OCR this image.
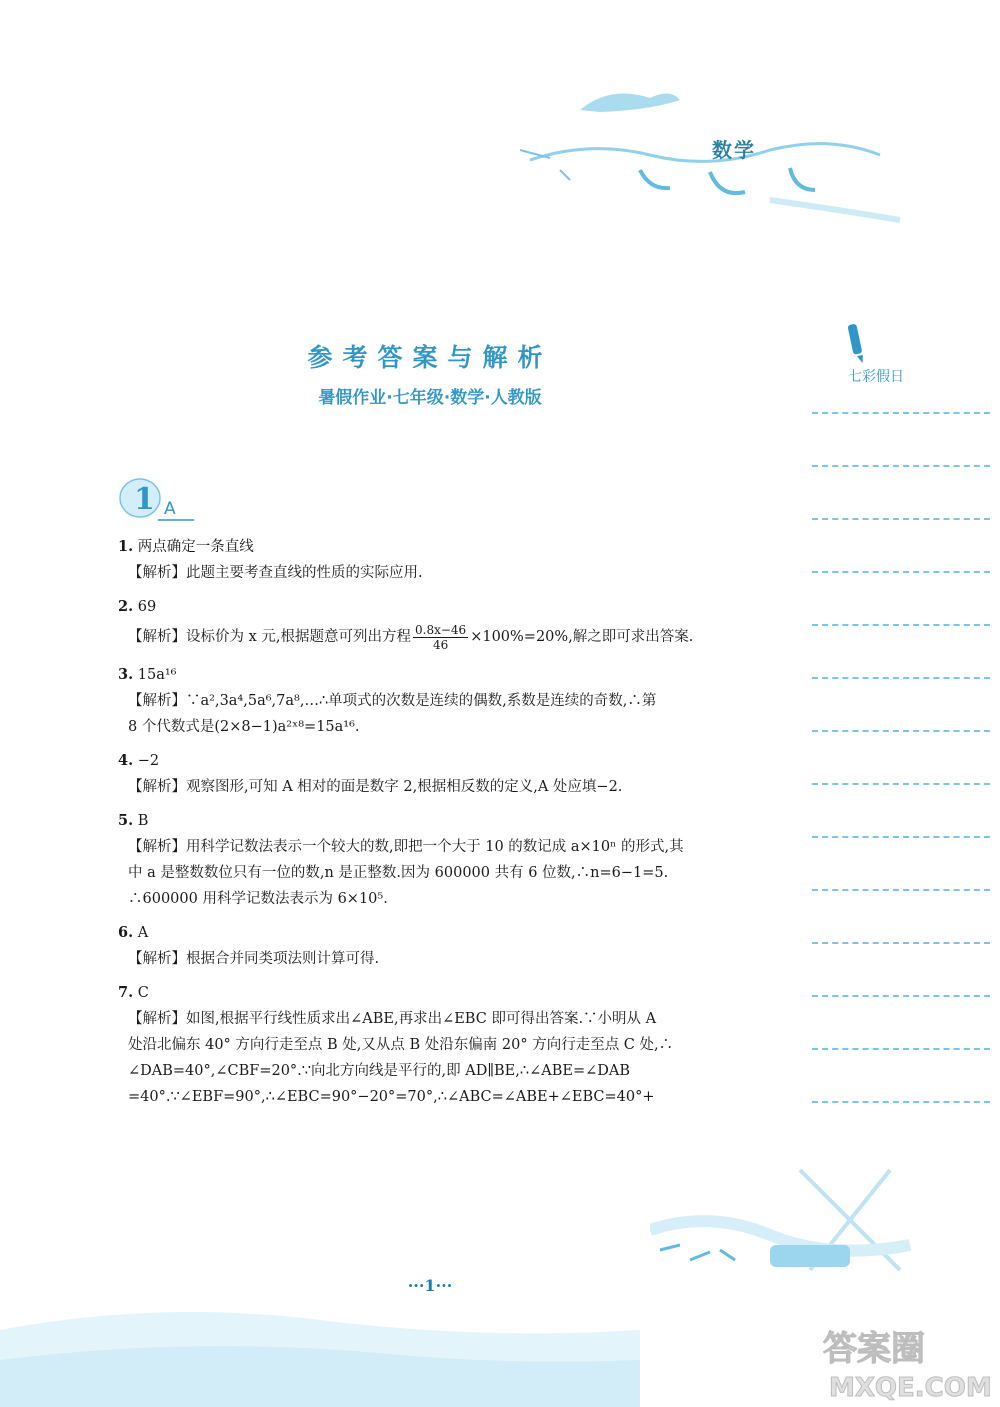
数学
参考答案与解析
暑假作业·七年级·数学·人教版
七彩假日
1 A

1. 两点确定一条直线

【解析】此题主要考查直线的性质的实际应用.

2. 69

【解析】设标价为 x 元,根据题意可列出方程 $\frac{0.8x-46}{46} \times 100\%=20\%$,解之即可求出答案.

3. 15a¹⁶

【解析】∵a²,3a⁴,5a⁶,7a⁸,…∴单项式的次数是连续的偶数,系数是连续的奇数,∴第

8 个代数式是(2×8−1)a²ˣ⁸=15a¹⁶.

4. −2

【解析】观察图形,可知 A 相对的面是数字 2,根据相反数的定义,A 处应填−2.

5. B

【解析】用科学记数法表示一个较大的数,即把一个大于 10 的数记成 a×10ⁿ 的形式,其

中 a 是整数数位只有一位的数,n 是正整数.因为 600000 共有 6 位数,∴n=6−1=5.

∴600000 用科学记数法表示为 6×10⁵.

6. A

【解析】根据合并同类项法则计算可得.

7. C

【解析】如图,根据平行线性质求出∠ABE,再求出∠EBC 即可得出答案.∵小明从 A

处沿北偏东 40° 方向行走至点 B 处,又从点 B 处沿东偏南 20° 方向行走至点 C 处,∴

∠DAB=40°,∠CBF=20°.∵向北方向线是平行的,即 AD∥BE,∴∠ABE=∠DAB

=40°.∵∠EBF=90°,∴∠EBC=90°−20°=70°,∴∠ABC=∠ABE+∠EBC=40°+

···1···
答案圈
MXQE.COM
